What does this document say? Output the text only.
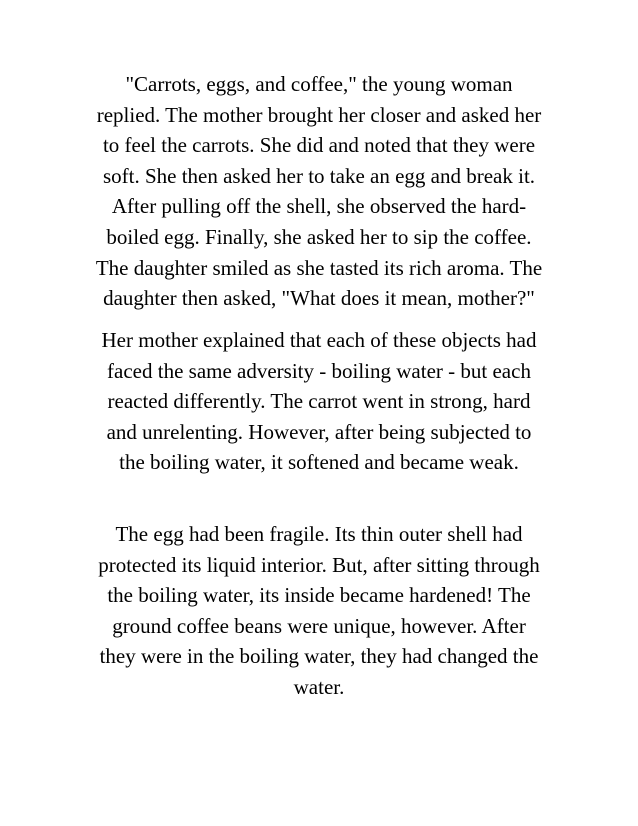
"Carrots, eggs, and coffee," the young woman
replied. The mother brought her closer and asked her
to feel the carrots. She did and noted that they were
soft. She then asked her to take an egg and break it.
After pulling off the shell, she observed the hard-
boiled egg. Finally, she asked her to sip the coffee.
The daughter smiled as she tasted its rich aroma. The
daughter then asked, "What does it mean, mother?"

Her mother explained that each of these objects had
faced the same adversity - boiling water - but each
reacted differently. The carrot went in strong, hard
and unrelenting. However, after being subjected to
the boiling water, it softened and became weak.

The egg had been fragile. Its thin outer shell had
protected its liquid interior. But, after sitting through
the boiling water, its inside became hardened! The
ground coffee beans were unique, however. After
they were in the boiling water, they had changed the
water.
